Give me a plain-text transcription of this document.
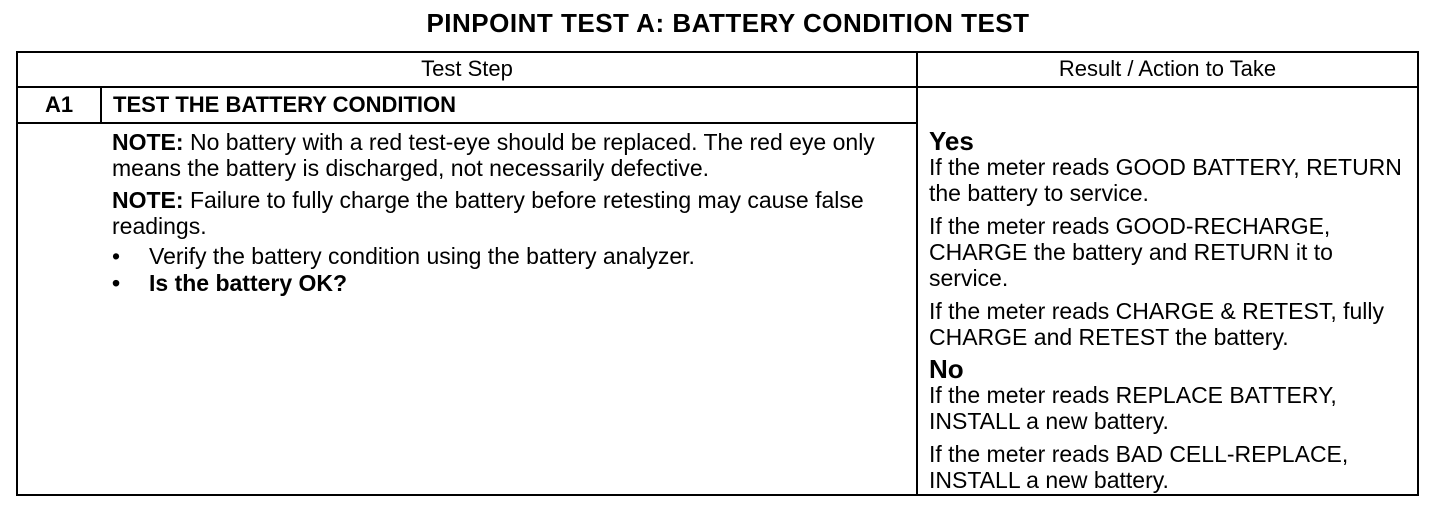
PINPOINT TEST A: BATTERY CONDITION TEST
Test Step	Result / Action to Take
A1	TEST THE BATTERY CONDITION

NOTE: No battery with a red test-eye should be replaced. The red eye only means the battery is discharged, not necessarily defective.

NOTE: Failure to fully charge the battery before retesting may cause false readings.

• Verify the battery condition using the battery analyzer.
• Is the battery OK?
Yes

If the meter reads GOOD BATTERY, RETURN the battery to service.

If the meter reads GOOD-RECHARGE, CHARGE the battery and RETURN it to service.

If the meter reads CHARGE & RETEST, fully CHARGE and RETEST the battery.

No

If the meter reads REPLACE BATTERY, INSTALL a new battery.

If the meter reads BAD CELL-REPLACE, INSTALL a new battery.
